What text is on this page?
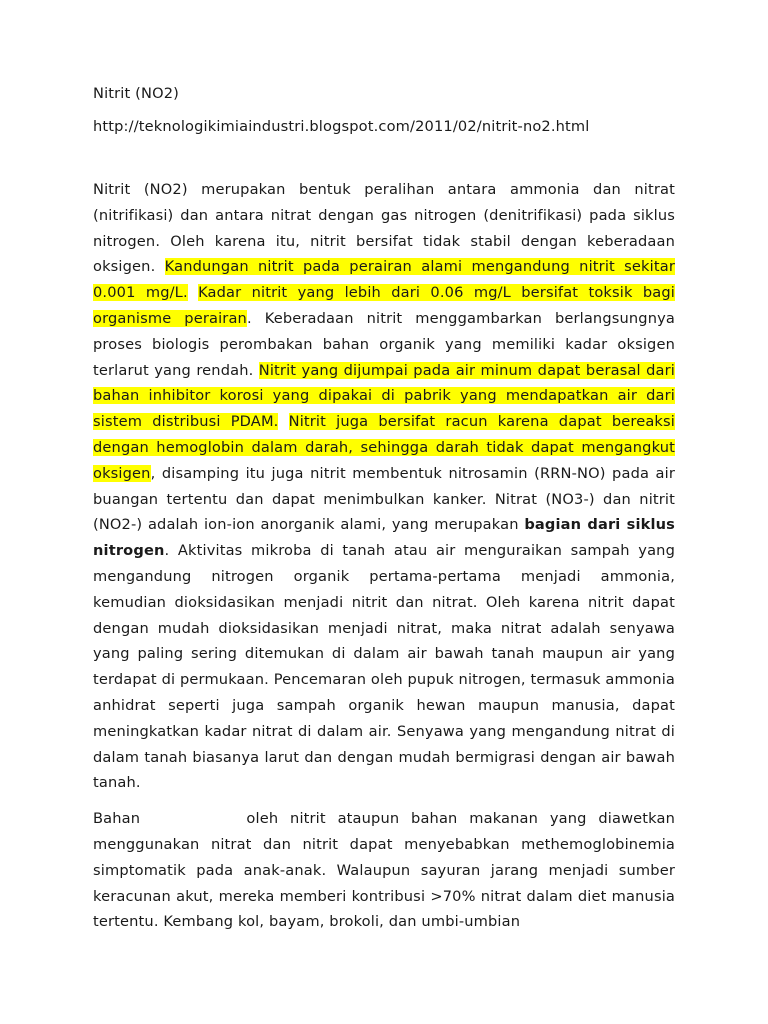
Nitrit (NO2)

http://teknologikimiaindustri.blogspot.com/2011/02/nitrit-no2.html

Nitrit (NO2) merupakan bentuk peralihan antara ammonia dan nitrat (nitrifikasi) dan antara nitrat dengan gas nitrogen (denitrifikasi) pada siklus nitrogen. Oleh karena itu, nitrit bersifat tidak stabil dengan keberadaan oksigen. Kandungan nitrit pada perairan alami mengandung nitrit sekitar 0.001 mg/L. Kadar nitrit yang lebih dari 0.06 mg/L bersifat toksik bagi organisme perairan. Keberadaan nitrit menggambarkan berlangsungnya proses biologis perombakan bahan organik yang memiliki kadar oksigen terlarut yang rendah. Nitrit yang dijumpai pada air minum dapat berasal dari bahan inhibitor korosi yang dipakai di pabrik yang mendapatkan air dari sistem distribusi PDAM. Nitrit juga bersifat racun karena dapat bereaksi dengan hemoglobin dalam darah, sehingga darah tidak dapat mengangkut oksigen, disamping itu juga nitrit membentuk nitrosamin (RRN-NO) pada air buangan tertentu dan dapat menimbulkan kanker. Nitrat (NO3-) dan nitrit (NO2-) adalah ion-ion anorganik alami, yang merupakan bagian dari siklus nitrogen. Aktivitas mikroba di tanah atau air menguraikan sampah yang mengandung nitrogen organik pertama-pertama menjadi ammonia, kemudian dioksidasikan menjadi nitrit dan nitrat. Oleh karena nitrit dapat dengan mudah dioksidasikan menjadi nitrat, maka nitrat adalah senyawa yang paling sering ditemukan di dalam air bawah tanah maupun air yang terdapat di permukaan. Pencemaran oleh pupuk nitrogen, termasuk ammonia anhidrat seperti juga sampah organik hewan maupun manusia, dapat meningkatkan kadar nitrat di dalam air. Senyawa yang mengandung nitrat di dalam tanah biasanya larut dan dengan mudah bermigrasi dengan air bawah tanah.

Bahan         oleh nitrit ataupun bahan makanan yang diawetkan menggunakan nitrat dan nitrit dapat menyebabkan methemoglobinemia simptomatik pada anak-anak. Walaupun sayuran jarang menjadi sumber keracunan akut, mereka memberi kontribusi >70% nitrat dalam diet manusia tertentu. Kembang kol, bayam, brokoli, dan umbi-umbian
